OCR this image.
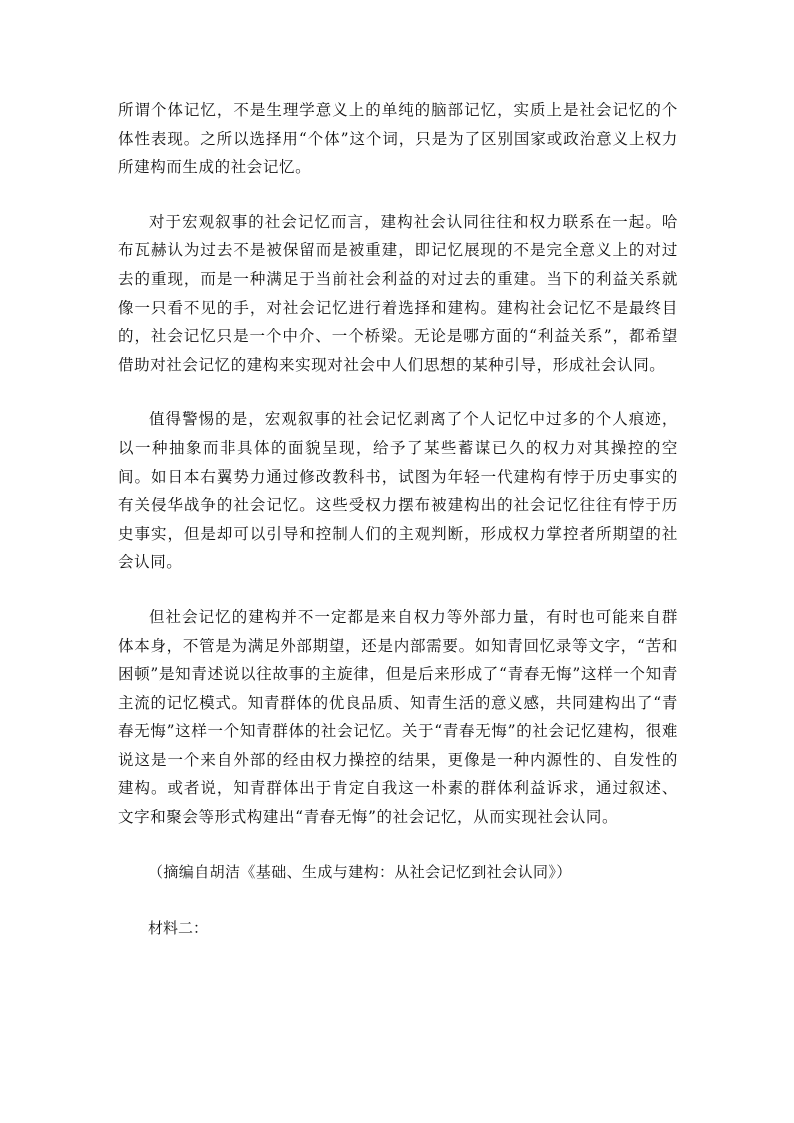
所谓个体记忆，不是生理学意义上的单纯的脑部记忆，实质上是社会记忆的个体性表现。之所以选择用“个体”这个词，只是为了区别国家或政治意义上权力所建构而生成的社会记忆。

对于宏观叙事的社会记忆而言，建构社会认同往往和权力联系在一起。哈布瓦赫认为过去不是被保留而是被重建，即记忆展现的不是完全意义上的对过去的重现，而是一种满足于当前社会利益的对过去的重建。当下的利益关系就像一只看不见的手，对社会记忆进行着选择和建构。建构社会记忆不是最终目的，社会记忆只是一个中介、一个桥梁。无论是哪方面的“利益关系”，都希望借助对社会记忆的建构来实现对社会中人们思想的某种引导，形成社会认同。

值得警惕的是，宏观叙事的社会记忆剥离了个人记忆中过多的个人痕迹，以一种抽象而非具体的面貌呈现，给予了某些蓄谋已久的权力对其操控的空间。如日本右翼势力通过修改教科书，试图为年轻一代建构有悖于历史事实的有关侵华战争的社会记忆。这些受权力摆布被建构出的社会记忆往往有悖于历史事实，但是却可以引导和控制人们的主观判断，形成权力掌控者所期望的社会认同。

但社会记忆的建构并不一定都是来自权力等外部力量，有时也可能来自群体本身，不管是为满足外部期望，还是内部需要。如知青回忆录等文字，“苦和困顿”是知青述说以往故事的主旋律，但是后来形成了“青春无悔”这样一个知青主流的记忆模式。知青群体的优良品质、知青生活的意义感，共同建构出了“青春无悔”这样一个知青群体的社会记忆。关于“青春无悔”的社会记忆建构，很难说这是一个来自外部的经由权力操控的结果，更像是一种内源性的、自发性的建构。或者说，知青群体出于肯定自我这一朴素的群体利益诉求，通过叙述、文字和聚会等形式构建出“青春无悔”的社会记忆，从而实现社会认同。

（摘编自胡洁《基础、生成与建构：从社会记忆到社会认同》）
材料二：
